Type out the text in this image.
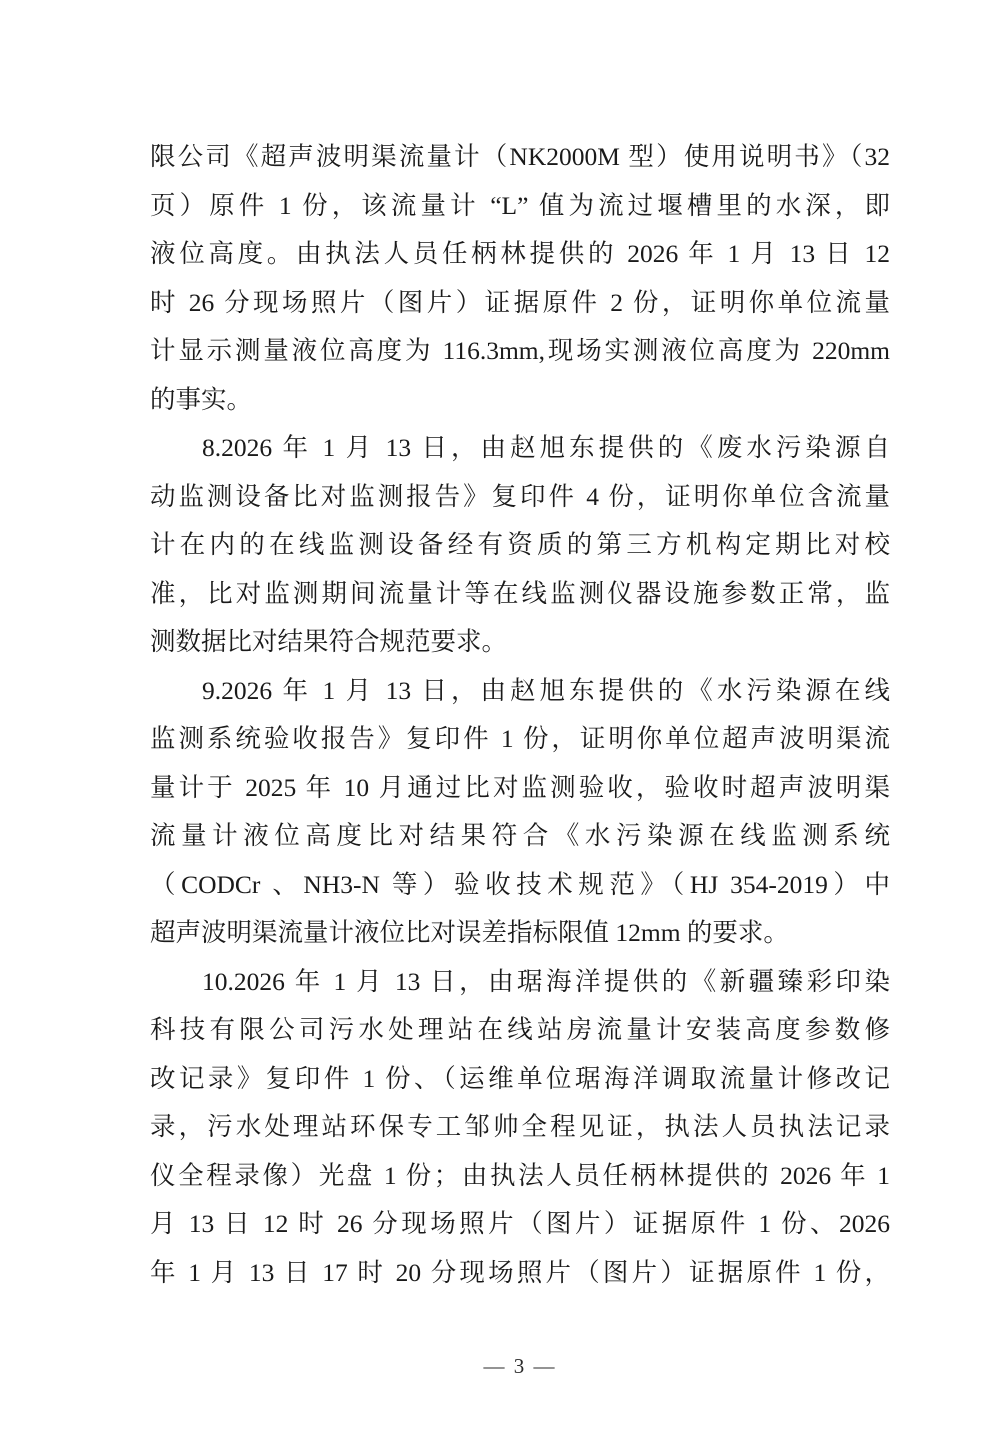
限公司《超声波明渠流量计（NK2000M 型）使用说明书》（32
页）原件 1 份，该流量计 “L” 值为流过堰槽里的水深，即
液位高度。由执法人员任柄林提供的 2026 年 1 月 13 日 12
时 26 分现场照片（图片）证据原件 2 份，证明你单位流量
计显示测量液位高度为 116.3mm,现场实测液位高度为 220mm
的事实。
8.2026 年 1 月 13 日，由赵旭东提供的《废水污染源自
动监测设备比对监测报告》复印件 4 份，证明你单位含流量
计在内的在线监测设备经有资质的第三方机构定期比对校
准，比对监测期间流量计等在线监测仪器设施参数正常，监
测数据比对结果符合规范要求。
9.2026 年 1 月 13 日，由赵旭东提供的《水污染源在线
监测系统验收报告》复印件 1 份，证明你单位超声波明渠流
量计于 2025 年 10 月通过比对监测验收，验收时超声波明渠
流量计液位高度比对结果符合《水污染源在线监测系统
（CODCr 、NH3-N 等）验收技术规范》（HJ 354-2019）中
超声波明渠流量计液位比对误差指标限值 12mm 的要求。
10.2026 年 1 月 13 日，由琚海洋提供的《新疆臻彩印染
科技有限公司污水处理站在线站房流量计安装高度参数修
改记录》复印件 1 份、（运维单位琚海洋调取流量计修改记
录，污水处理站环保专工邹帅全程见证，执法人员执法记录
仪全程录像）光盘 1 份；由执法人员任柄林提供的 2026 年 1
月 13 日 12 时 26 分现场照片（图片）证据原件 1 份、2026
年 1 月 13 日 17 时 20 分现场照片（图片）证据原件 1 份，
— 3 —
